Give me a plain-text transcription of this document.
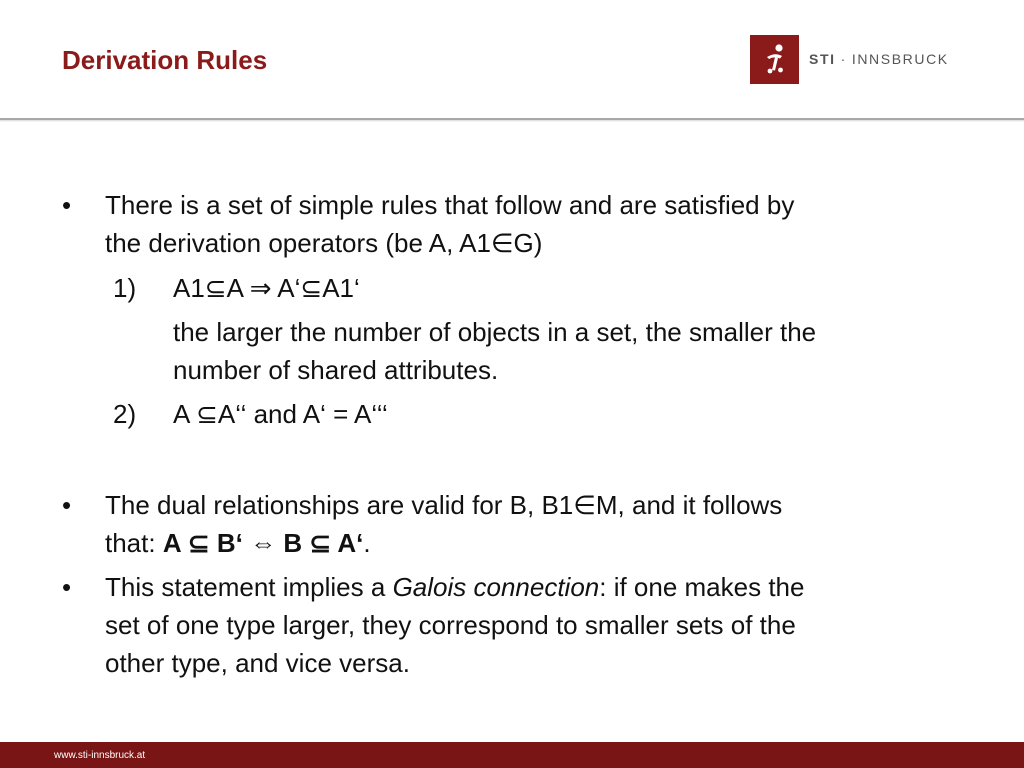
Derivation Rules	STI · INNSBRUCK
• There is a set of simple rules that follow and are satisfied by
the derivation operators (be A, A1∈G)
1) A1⊆A ⇒ A‘⊆A1‘
the larger the number of objects in a set, the smaller the
number of shared attributes.
2) A ⊆A‘‘ and A‘ = A‘‘‘
• The dual relationships are valid for B, B1∈M, and it follows
that: A ⊆ B‘ ⇔ B ⊆ A‘.
• This statement implies a Galois connection: if one makes the
set of one type larger, they correspond to smaller sets of the
other type, and vice versa.
www.sti-innsbruck.at
